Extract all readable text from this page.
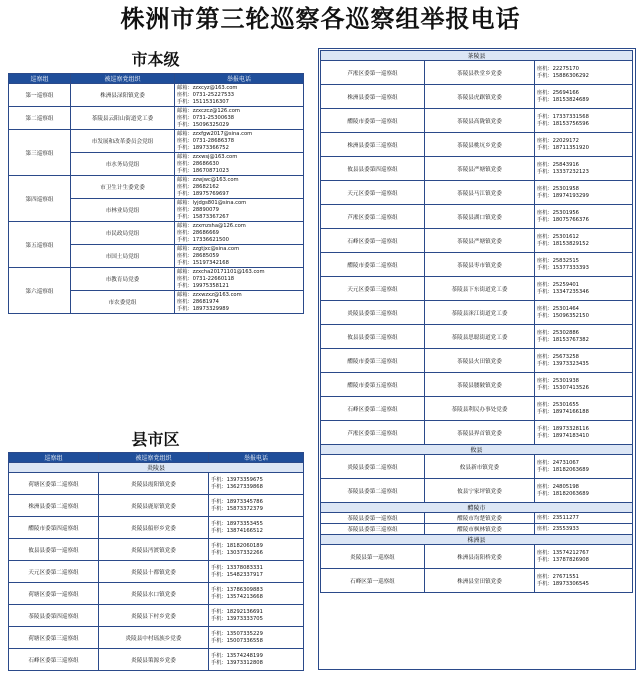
株洲市第三轮巡察各巡察组举报电话
市本级
巡察组	被巡察党组织	举报电话
第一巡察组	株洲县渌阳镇党委	邮箱：zzxcyz@163.com
座机：0731-25227533
手机：15115316307

第二巡察组	茶陵县云阳山街道党工委	邮箱：zzxczcz@126.com
座机：0731-25300638
手机：15096325029

第三巡察组	市发展和改革委员会党组	邮箱：zzxfgw2017@sina.com
座机：0731-28686378
手机：18973366752

	市水务局党组	邮箱：zzxwsj@163.com
座机：28686630
手机：18670871023

第四巡察组	市卫生计生委党委	邮箱：zzwjwc@163.com
座机：28682162
手机：18975769697

	市林业局党组	邮箱：lyjdgs801@sina.com
座机：28890079
手机：15873367267

第五巡察组	市民政局党组	邮箱：zzxmzsha@126.com
座机：28686669
手机：17336621500

	市国土局党组	邮箱：zzgtjxc@sina.com
座机：28685059
手机：15197342168

第六巡察组	市教育局党委	邮箱：zzxcha20171101@163.com
座机：0731-22660118
手机：19975358121

	市农委党组	邮箱：zzxwzxz@163.com
座机：28681974
手机：18973329989
县市区
巡察组	被巡察党组织	举报电话
炎陵县		
荷塘区委第二巡察组	炎陵县霞阳镇党委	手机：13973359675
手机：13627339868

株洲县委第二巡察组	炎陵县鹿原镇党委	手机：18973345786
手机：15873372379

醴陵市委第四巡察组	炎陵县船形乡党委	手机：18973353455
手机：13874166512

攸县县委第一巡察组	炎陵县沔渡镇党委	手机：18182060189
手机：13037332266

天元区委第二巡察组	炎陵县十都镇党委	手机：13378083331
手机：15482337917

荷塘区委第一巡察组	炎陵县水口镇党委	手机：13786309883
手机：13574213668

茶陵县委第四巡察组	炎陵县下村乡党委	手机：18292136691
手机：13973333705

荷塘区委第三巡察组	炎陵县中村瑶族乡党委	手机：13507335229
手机：15007336558

石峰区委第三巡察组	炎陵县策源乡党委	手机：13574248199
手机：13973312808
茶陵县		
芦淞区委第一巡察组	茶陵县秩堂乡党委	座机：22275170
手机：15886306292

株洲县委第一巡察组	茶陵县虎踞镇党委	座机：25694166
手机：18153824689

醴陵市委第一巡察组	茶陵县高陇镇党委	手机：17337331568
手机：18153756596

株洲县委第三巡察组	茶陵县桃坑乡党委	座机：22029172
手机：18711351920

攸县县委第四巡察组	茶陵县严塘镇党委	座机：25843916
手机：13337232123

天元区委第一巡察组	茶陵县马江镇党委	座机：25301958
手机：18974193299

芦淞区委第二巡察组	茶陵县湖口镇党委	座机：25301956
手机：18075766376

石峰区委第一巡察组	茶陵县严塘镇党委	座机：25301612
手机：18153829152

醴陵市委第二巡察组	茶陵县枣市镇党委	座机：25832515
手机：15377333393

天元区委第三巡察组	茶陵县下东街道党工委	座机：25259401
手机：13347235346

炎陵县委第三巡察组	茶陵县洣江街道党工委	座机：25301464
手机：15096352150

攸县县委第三巡察组	茶陵县思聪街道党工委	座机：25302886
手机：18153767382

醴陵市委第三巡察组	茶陵县火田镇党委	座机：25673258
手机：13973323435

醴陵市委第五巡察组	茶陵县腰陂镇党委	座机：25301938
手机：15307413526

石峰区委第二巡察组	茶陵县利民办事处党委	座机：25301655
手机：18974166188

芦淞区委第三巡察组	茶陵县界首镇党委	手机：18973328116
手机：18974183410

攸县		
炎陵县委第二巡察组	攸县新市镇党委	座机：24731067
手机：18182063689

茶陵县委第二巡察组	攸县宁家坪镇党委	座机：24805198
手机：18182063689

醴陵市		
茶陵县委第一巡察组	醴陵市均楚镇党委	座机：23511277

茶陵县委第三巡察组	醴陵市枫林镇党委	座机：23553933

株洲县		
炎陵县第一巡察组	株洲县南阳桥党委	座机：13574212767
手机：13787826908

石峰区第一巡察组	株洲县堂田镇党委	座机：27671551
手机：18973306545
